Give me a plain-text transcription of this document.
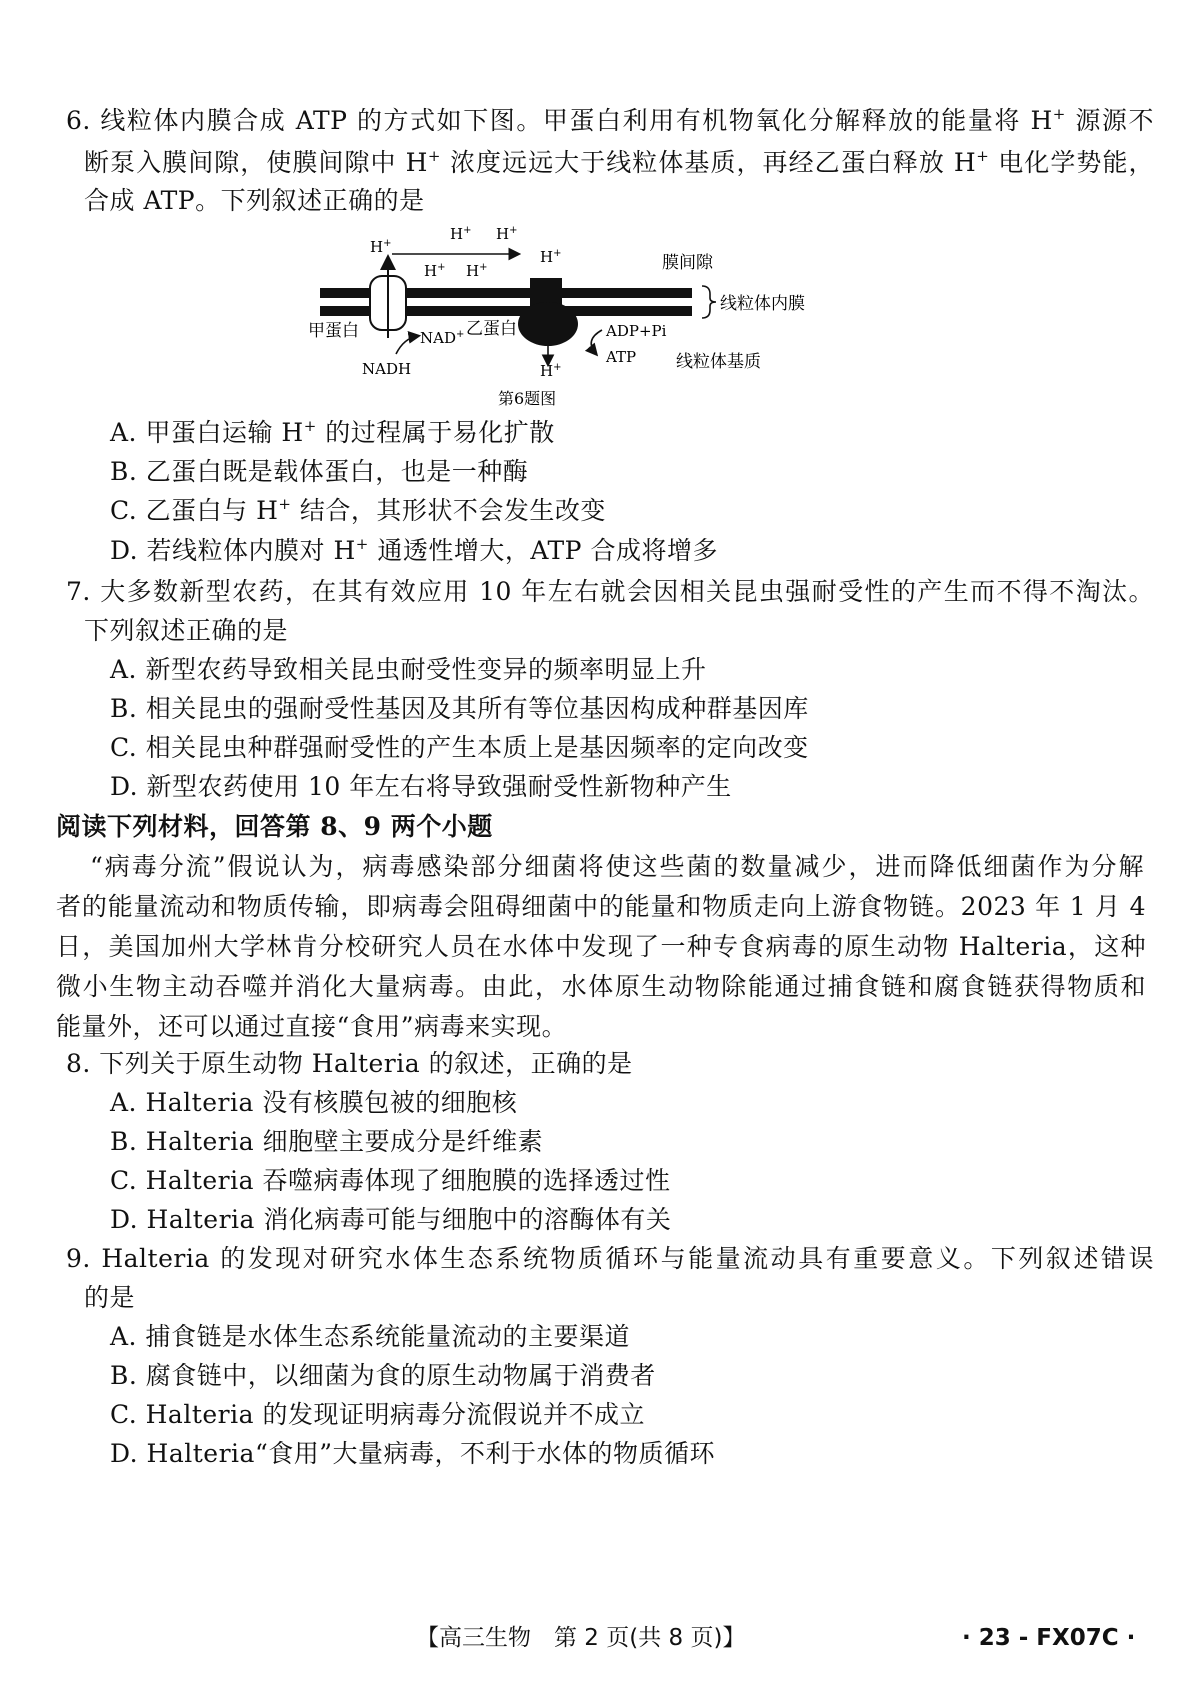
6. 线粒体内膜合成 ATP 的方式如下图。甲蛋白利用有机物氧化分解释放的能量将 H+ 源源不
断泵入膜间隙，使膜间隙中 H+ 浓度远远大于线粒体基质，再经乙蛋白释放 H+ 电化学势能，
合成 ATP。下列叙述正确的是
H+
H+ H+
H+ H+
H+
H+
膜间隙
线粒体内膜
线粒体基质
甲蛋白	乙蛋白
NAD+
NADH
ADP+Pi
ATP
第6题图
A. 甲蛋白运输 H+ 的过程属于易化扩散
B. 乙蛋白既是载体蛋白，也是一种酶
C. 乙蛋白与 H+ 结合，其形状不会发生改变
D. 若线粒体内膜对 H+ 通透性增大，ATP 合成将增多
7. 大多数新型农药，在其有效应用 10 年左右就会因相关昆虫强耐受性的产生而不得不淘汰。
下列叙述正确的是
A. 新型农药导致相关昆虫耐受性变异的频率明显上升
B. 相关昆虫的强耐受性基因及其所有等位基因构成种群基因库
C. 相关昆虫种群强耐受性的产生本质上是基因频率的定向改变
D. 新型农药使用 10 年左右将导致强耐受性新物种产生
阅读下列材料，回答第 8、9 两个小题
“病毒分流”假说认为，病毒感染部分细菌将使这些菌的数量减少，进而降低细菌作为分解
者的能量流动和物质传输，即病毒会阻碍细菌中的能量和物质走向上游食物链。2023 年 1 月 4
日，美国加州大学林肯分校研究人员在水体中发现了一种专食病毒的原生动物 Halteria，这种
微小生物主动吞噬并消化大量病毒。由此，水体原生动物除能通过捕食链和腐食链获得物质和
能量外，还可以通过直接“食用”病毒来实现。
8. 下列关于原生动物 Halteria 的叙述，正确的是
A. Halteria 没有核膜包被的细胞核
B. Halteria 细胞壁主要成分是纤维素
C. Halteria 吞噬病毒体现了细胞膜的选择透过性
D. Halteria 消化病毒可能与细胞中的溶酶体有关
9. Halteria 的发现对研究水体生态系统物质循环与能量流动具有重要意义。下列叙述错误
的是
A. 捕食链是水体生态系统能量流动的主要渠道
B. 腐食链中，以细菌为食的原生动物属于消费者
C. Halteria 的发现证明病毒分流假说并不成立
D. Halteria“食用”大量病毒，不利于水体的物质循环
【高三生物　第 2 页(共 8 页)】	· 23 - FX07C ·
